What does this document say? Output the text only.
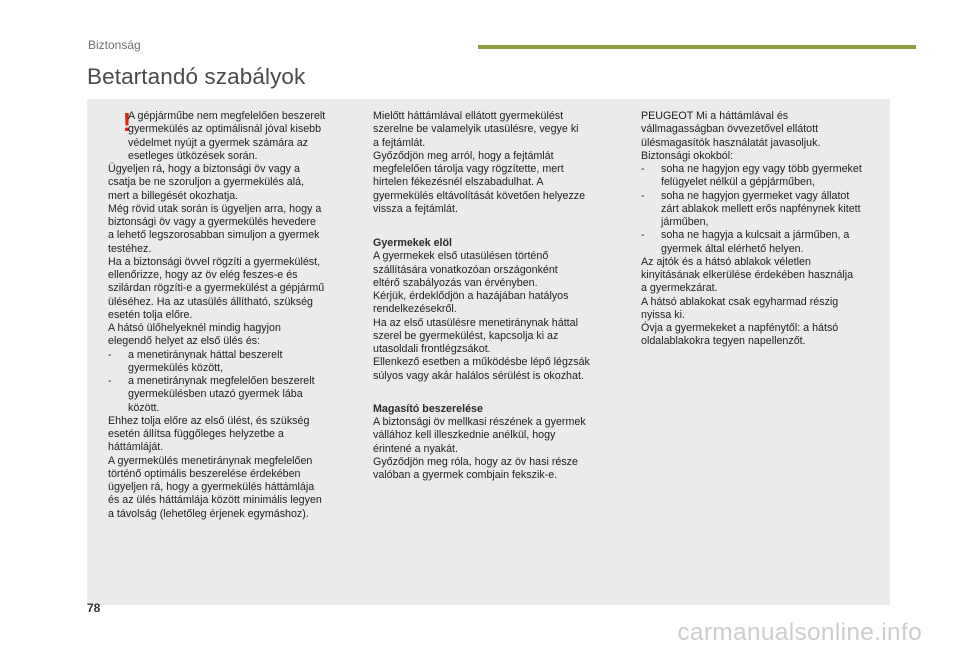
Biztonság
Betartandó szabályok
!

A gépjárműbe nem megfelelően beszerelt

gyermekülés az optimálisnál jóval kisebb

védelmet nyújt a gyermek számára az

esetleges ütközések során.

Ügyeljen rá, hogy a biztonsági öv vagy a

csatja be ne szoruljon a gyermekülés alá,

mert a billegését okozhatja.

Még rövid utak során is ügyeljen arra, hogy a

biztonsági öv vagy a gyermekülés hevedere

a lehető legszorosabban simuljon a gyermek

testéhez.

Ha a biztonsági övvel rögzíti a gyermekülést,

ellenőrizze, hogy az öv elég feszes-e és

szilárdan rögzíti-e a gyermekülést a gépjármű

üléséhez. Ha az utasülés állítható, szükség

esetén tolja előre.

A hátsó ülőhelyeknél mindig hagyjon

elegendő helyet az első ülés és:

- a menetiránynak háttal beszerelt

gyermekülés között,

- a menetiránynak megfelelően beszerelt

gyermekülésben utazó gyermek lába

között.

Ehhez tolja előre az első ülést, és szükség

esetén állítsa függőleges helyzetbe a

háttámláját.

A gyermekülés menetiránynak megfelelően

történő optimális beszerelése érdekében

ügyeljen rá, hogy a gyermekülés háttámlája

és az ülés háttámlája között minimális legyen

a távolság (lehetőleg érjenek egymáshoz).

Mielőtt háttámlával ellátott gyermekülést

szerelne be valamelyik utasülésre, vegye ki

a fejtámlát.

Győződjön meg arról, hogy a fejtámlát

megfelelően tárolja vagy rögzítette, mert

hirtelen fékezésnél elszabadulhat. A

gyermekülés eltávolítását követően helyezze

vissza a fejtámlát.

Gyermekek elöl

A gyermekek első utasülésen történő

szállítására vonatkozóan országonként

eltérő szabályozás van érvényben.

Kérjük, érdeklődjön a hazájában hatályos

rendelkezésekről.

Ha az első utasülésre menetiránynak háttal

szerel be gyermekülést, kapcsolja ki az

utasoldali frontlégzsákot.

Ellenkező esetben a működésbe lépő légzsák

súlyos vagy akár halálos sérülést is okozhat.

Magasító beszerelése

A biztonsági öv mellkasi részének a gyermek

vállához kell illeszkednie anélkül, hogy

érintené a nyakát.

Győződjön meg róla, hogy az öv hasi része

valóban a gyermek combjain fekszik-e.

PEUGEOT Mi a háttámlával és

vállmagasságban övvezetővel ellátott

ülésmagasítók használatát javasoljuk.

Biztonsági okokból:

- soha ne hagyjon egy vagy több gyermeket

felügyelet nélkül a gépjárműben,

- soha ne hagyjon gyermeket vagy állatot

zárt ablakok mellett erős napfénynek kitett

járműben,

- soha ne hagyja a kulcsait a járműben, a

gyermek által elérhető helyen.

Az ajtók és a hátsó ablakok véletlen

kinyitásának elkerülése érdekében használja

a gyermekzárat.

A hátsó ablakokat csak egyharmad részig

nyissa ki.

Óvja a gyermekeket a napfénytől: a hátsó

oldalablakokra tegyen napellenzőt.

78
carmanualsonline.info
